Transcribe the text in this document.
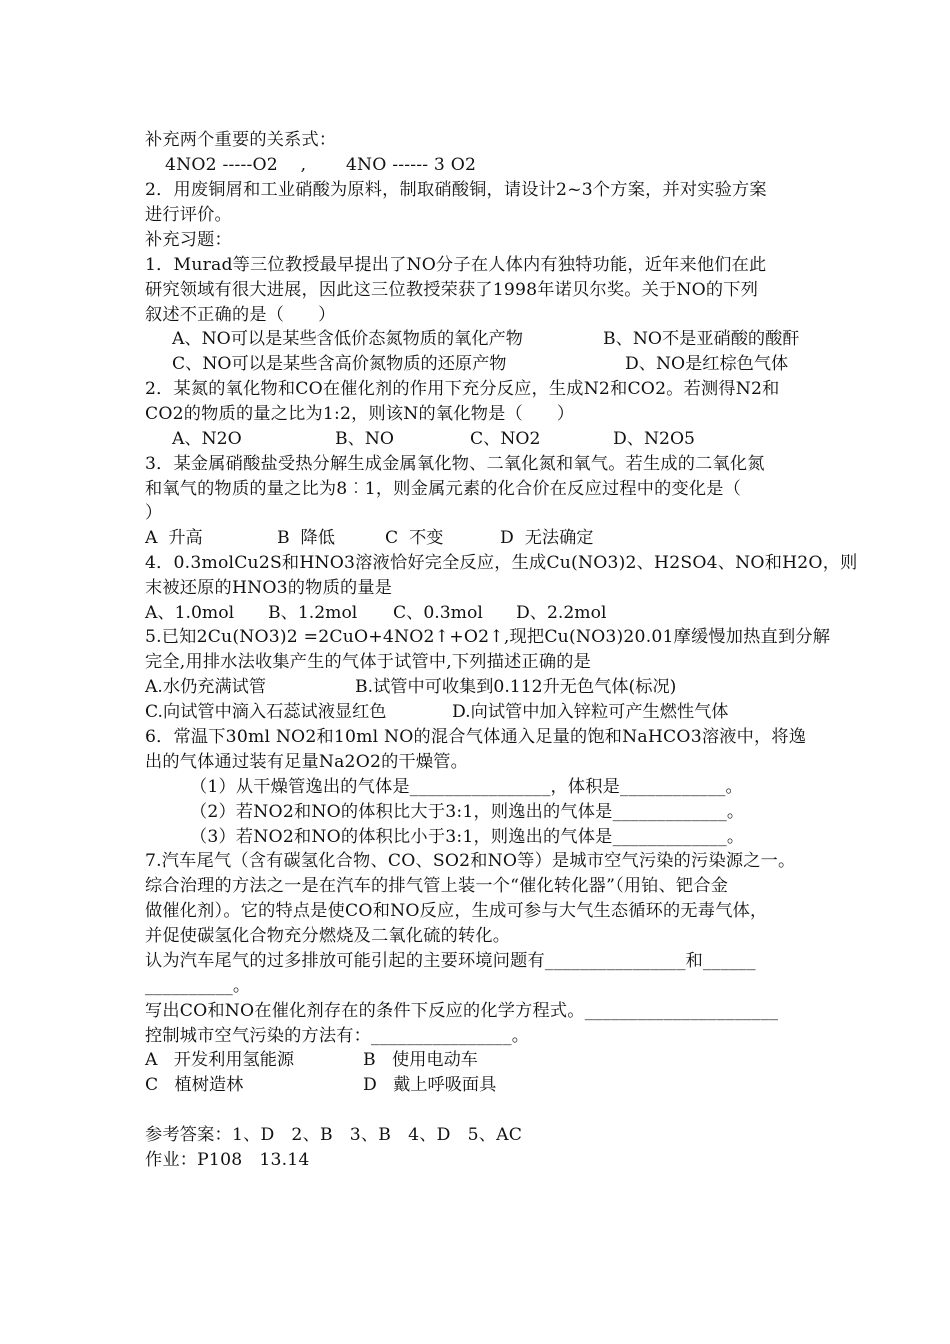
补充两个重要的关系式：
4NO2 -----O2    ,       4NO ------ 3 O2
2．用废铜屑和工业硝酸为原料，制取硝酸铜，请设计2~3个方案，并对实验方案
进行评价。
补充习题：
1．Murad等三位教授最早提出了NO分子在人体内有独特功能，近年来他们在此
研究领域有很大进展，因此这三位教授荣获了1998年诺贝尔奖。关于NO的下列
叙述不正确的是（      ）
A、NO可以是某些含低价态氮物质的氧化产物	B、NO不是亚硝酸的酸酐
C、NO可以是某些含高价氮物质的还原产物	D、NO是红棕色气体
2．某氮的氧化物和CO在催化剂的作用下充分反应，生成N2和CO2。若测得N2和
CO2的物质的量之比为1:2，则该N的氧化物是（      ）
A、N2O	B、NO	C、NO2	D、N2O5
3．某金属硝酸盐受热分解生成金属氧化物、二氧化氮和氧气。若生成的二氧化氮
和氧气的物质的量之比为8︰1，则金属元素的化合价在反应过程中的变化是（
）
A  升高	B  降低	C  不变	D  无法确定
4．0.3molCu2S和HNO3溶液恰好完全反应，生成Cu(NO3)2、H2SO4、NO和H2O，则
末被还原的HNO3的物质的量是
A、1.0mol B、1.2mol C、0.3mol D、2.2mol
5.已知2Cu(NO3)2 =2CuO+4NO2↑+O2↑,现把Cu(NO3)20.01摩缓慢加热直到分解
完全,用排水法收集产生的气体于试管中,下列描述正确的是
A.水仍充满试管	B.试管中可收集到0.112升无色气体(标况)
C.向试管中滴入石蕊试液显红色	D.向试管中加入锌粒可产生燃性气体
6．常温下30ml NO2和10ml NO的混合气体通入足量的饱和NaHCO3溶液中，将逸
出的气体通过装有足量Na2O2的干燥管。
（1）从干燥管逸出的气体是________________，体积是____________。
（2）若NO2和NO的体积比大于3:1，则逸出的气体是_____________。
（3）若NO2和NO的体积比小于3:1，则逸出的气体是_____________。
7.汽车尾气（含有碳氢化合物、CO、SO2和NO等）是城市空气污染的污染源之一。
综合治理的方法之一是在汽车的排气管上装一个“催化转化器”（用铂、钯合金
做催化剂）。它的特点是使CO和NO反应，生成可参与大气生态循环的无毒气体，
并促使碳氢化合物充分燃烧及二氧化硫的转化。
认为汽车尾气的过多排放可能引起的主要环境问题有________________和______
__________。
写出CO和NO在催化剂存在的条件下反应的化学方程式。______________________
控制城市空气污染的方法有：________________。
A   开发利用氢能源	B   使用电动车
C   植树造林	D   戴上呼吸面具
参考答案：1、D   2、B   3、B   4、D   5、AC
作业：P108   13.14
